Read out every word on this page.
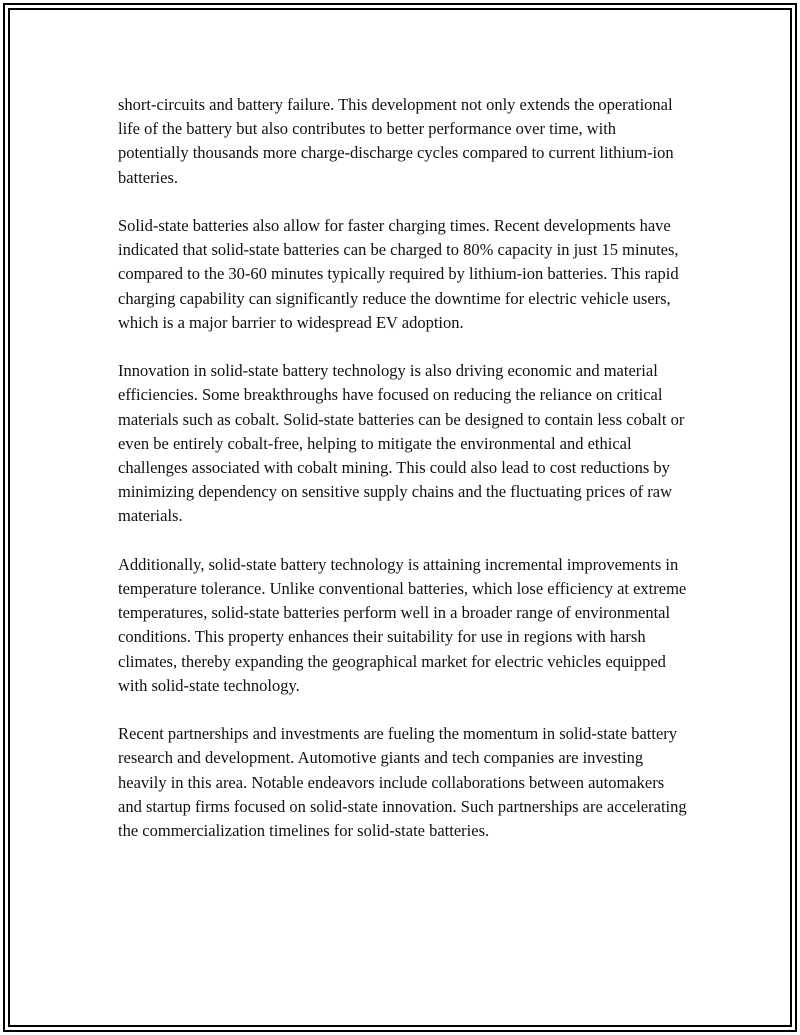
short-circuits and battery failure. This development not only extends the operational life of the battery but also contributes to better performance over time, with potentially thousands more charge-discharge cycles compared to current lithium-ion batteries.

Solid-state batteries also allow for faster charging times. Recent developments have indicated that solid-state batteries can be charged to 80% capacity in just 15 minutes, compared to the 30-60 minutes typically required by lithium-ion batteries. This rapid charging capability can significantly reduce the downtime for electric vehicle users, which is a major barrier to widespread EV adoption.

Innovation in solid-state battery technology is also driving economic and material efficiencies. Some breakthroughs have focused on reducing the reliance on critical materials such as cobalt. Solid-state batteries can be designed to contain less cobalt or even be entirely cobalt-free, helping to mitigate the environmental and ethical challenges associated with cobalt mining. This could also lead to cost reductions by minimizing dependency on sensitive supply chains and the fluctuating prices of raw materials.

Additionally, solid-state battery technology is attaining incremental improvements in temperature tolerance. Unlike conventional batteries, which lose efficiency at extreme temperatures, solid-state batteries perform well in a broader range of environmental conditions. This property enhances their suitability for use in regions with harsh climates, thereby expanding the geographical market for electric vehicles equipped with solid-state technology.

Recent partnerships and investments are fueling the momentum in solid-state battery research and development. Automotive giants and tech companies are investing heavily in this area. Notable endeavors include collaborations between automakers and startup firms focused on solid-state innovation. Such partnerships are accelerating the commercialization timelines for solid-state batteries.
